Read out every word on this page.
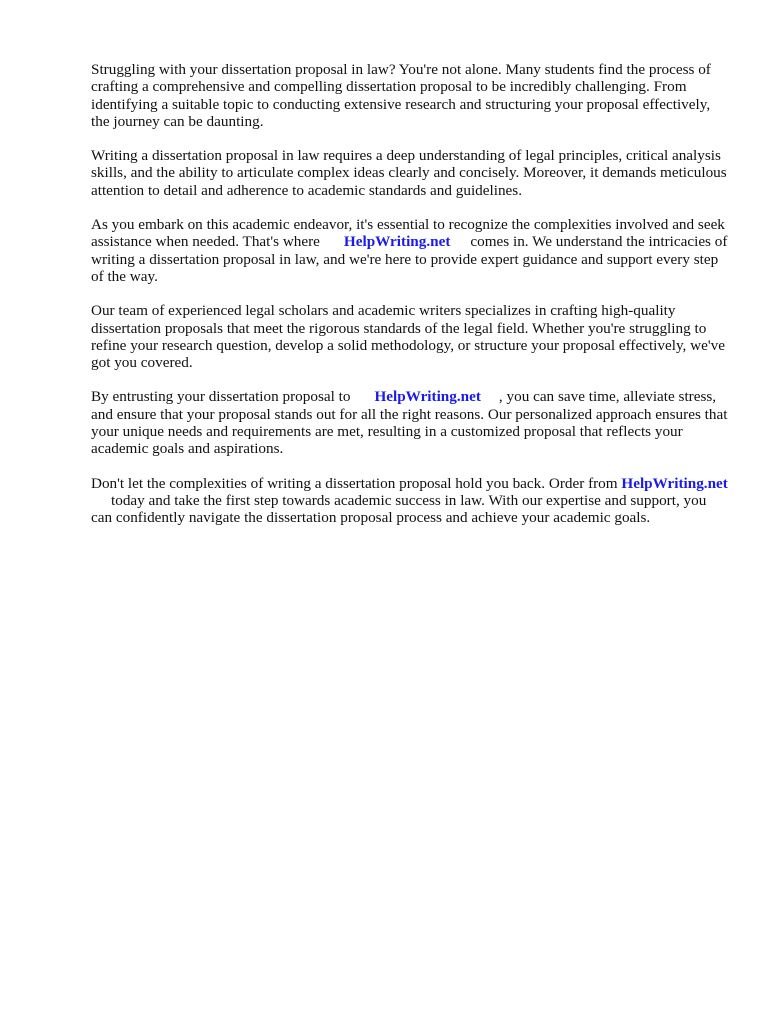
Struggling with your dissertation proposal in law? You're not alone. Many students find the process of crafting a comprehensive and compelling dissertation proposal to be incredibly challenging. From identifying a suitable topic to conducting extensive research and structuring your proposal effectively, the journey can be daunting.

Writing a dissertation proposal in law requires a deep understanding of legal principles, critical analysis skills, and the ability to articulate complex ideas clearly and concisely. Moreover, it demands meticulous attention to detail and adherence to academic standards and guidelines.

As you embark on this academic endeavor, it's essential to recognize the complexities involved and seek assistance when needed. That's where HelpWriting.net comes in. We understand the intricacies of writing a dissertation proposal in law, and we're here to provide expert guidance and support every step of the way.

Our team of experienced legal scholars and academic writers specializes in crafting high-quality dissertation proposals that meet the rigorous standards of the legal field. Whether you're struggling to refine your research question, develop a solid methodology, or structure your proposal effectively, we've got you covered.

By entrusting your dissertation proposal to HelpWriting.net , you can save time, alleviate stress, and ensure that your proposal stands out for all the right reasons. Our personalized approach ensures that your unique needs and requirements are met, resulting in a customized proposal that reflects your academic goals and aspirations.

Don't let the complexities of writing a dissertation proposal hold you back. Order from HelpWriting.nettoday and take the first step towards academic success in law. With our expertise and support, you can confidently navigate the dissertation proposal process and achieve your academic goals.
